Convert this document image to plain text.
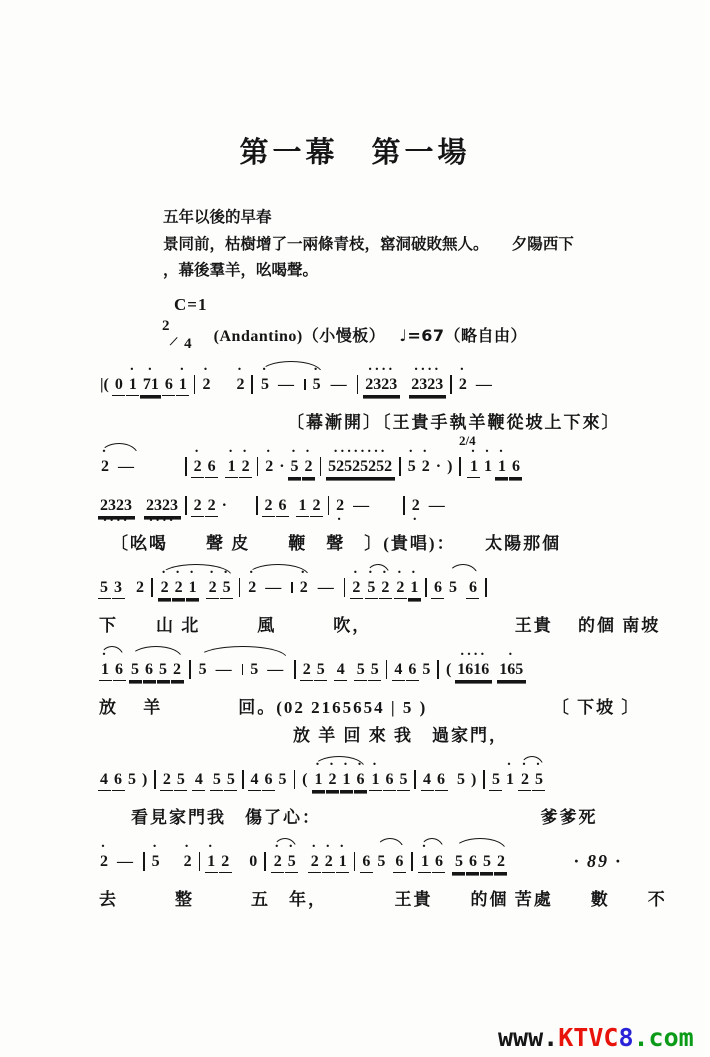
第一幕　第一場
五年以後的早春
景同前，枯樹增了一兩條青枝，窰洞破敗無人。　　夕陽西下
，幕後羣羊，吆喝聲。
C=1
2
/ 4 (Andantino)（小慢板） ♩=67（略自由）
|( 0
•
1
•
71 6
•
1
•
2
•
2
•
5 —
•
5 —
••••
2323
••••
2323
•
2 —
〔幕漸開〕〔王貴手執羊鞭從坡上下來〕
•
2 —
•
2 6
•
1
•
2
•
2 ·
•
5
•
2
••••••••
52525252
•
5
•
2 · )
2/4
•
1
•
1
•
1 6
2323
••••
2323
••••
2 2 · 2 6 1 2 2
•
—	2
•
—
〔吆喝　　聲 皮　　鞭　聲　〕(貴唱)：　　太陽那個
5 3 2
•
2
•
2
•
1
•
2
•
5
•
2 —
•
2 —
•
2
•
5
•
2
•
2
•
1 6 5 6
下　　山 北　　　風　　　吹，　　　　　　　　王貴　 的個 南坡
•
1 6 5 6 5 2 5 —	5 —	2 5 4 5 5 4 6 5 (
••••
1616
•
165
放　 羊　　　　回。(02 2165654 | 5 )　　　　　　　〔 下坡 〕
放 羊 回 來 我　過家門，
4 6 5 ) 2 5 4 5 5 4 6 5 (
•
1
•
2
•
1
•
6
•
1 6 5 4 6 5 ) 5
•
1
•
2
•
5
看見家門我　傷了心：　　　　　　　　　　　　爹爹死
•
2 —
•
5
•
2
•
1 2 0
•
2
•
5
•
2
•
2
•
1 6 5 6
•
1 6 5 6 5 2
去　　　整　　　五　年，　　　　王貴　　的個 苦處　　數　　不
· 89 ·
www.KTVC8.com
